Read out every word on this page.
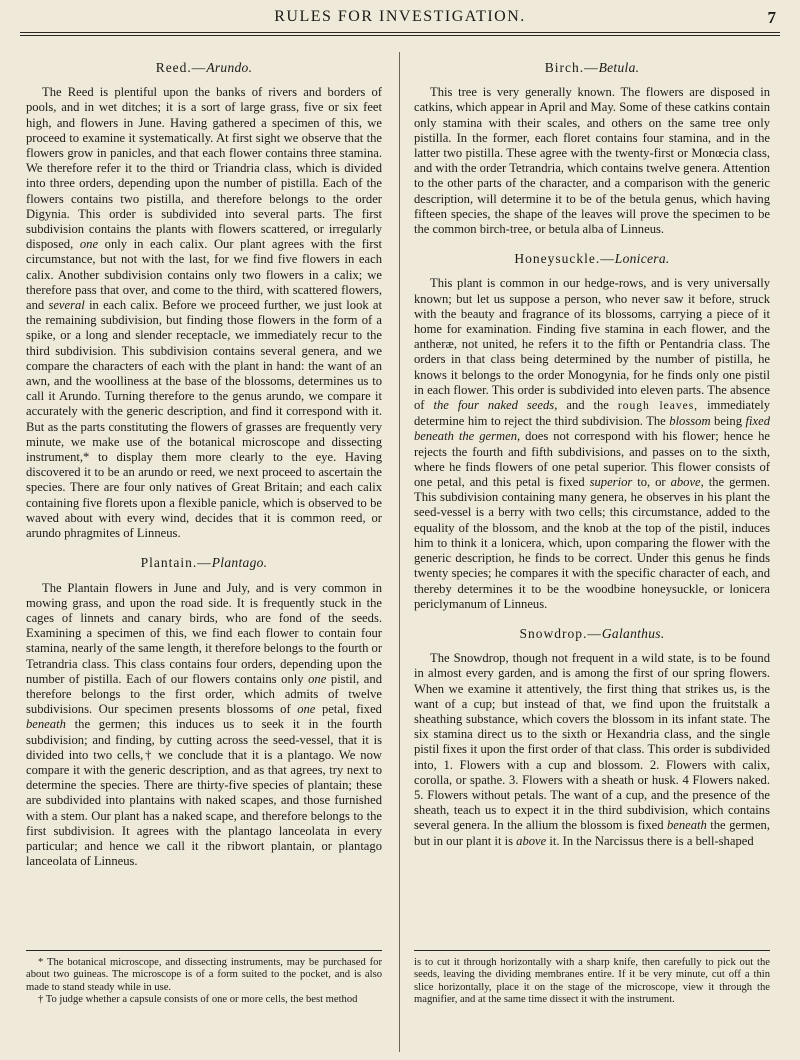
RULES FOR INVESTIGATION.	7
Reed.—Arundo.

The Reed is plentiful upon the banks of rivers and borders of pools, and in wet ditches; it is a sort of large grass, five or six feet high, and flowers in June. Having gathered a specimen of this, we proceed to examine it systematically. At first sight we observe that the flowers grow in panicles, and that each flower contains three stamina. We therefore refer it to the third or Triandria class, which is divided into three orders, depending upon the number of pistilla. Each of the flowers contains two pistilla, and therefore belongs to the order Digynia. This order is subdivided into several parts. The first subdivision contains the plants with flowers scattered, or irregularly disposed, one only in each calix. Our plant agrees with the first circumstance, but not with the last, for we find five flowers in each calix. Another subdivision contains only two flowers in a calix; we therefore pass that over, and come to the third, with scattered flowers, and several in each calix. Before we proceed further, we just look at the remaining subdivision, but finding those flowers in the form of a spike, or a long and slender receptacle, we immediately recur to the third subdivision. This subdivision contains several genera, and we compare the characters of each with the plant in hand: the want of an awn, and the woolliness at the base of the blossoms, determines us to call it Arundo. Turning therefore to the genus arundo, we compare it accurately with the generic description, and find it correspond with it. But as the parts constituting the flowers of grasses are frequently very minute, we make use of the botanical microscope and dissecting instrument,* to display them more clearly to the eye. Having discovered it to be an arundo or reed, we next proceed to ascertain the species. There are four only natives of Great Britain; and each calix containing five florets upon a flexible panicle, which is observed to be waved about with every wind, decides that it is common reed, or arundo phragmites of Linneus.

Plantain.—Plantago.

The Plantain flowers in June and July, and is very common in mowing grass, and upon the road side. It is frequently stuck in the cages of linnets and canary birds, who are fond of the seeds. Examining a specimen of this, we find each flower to contain four stamina, nearly of the same length, it therefore belongs to the fourth or Tetrandria class. This class contains four orders, depending upon the number of pistilla. Each of our flowers contains only one pistil, and therefore belongs to the first order, which admits of twelve subdivisions. Our specimen presents blossoms of one petal, fixed beneath the germen; this induces us to seek it in the fourth subdivision; and finding, by cutting across the seed-vessel, that it is divided into two cells,† we conclude that it is a plantago. We now compare it with the generic description, and as that agrees, try next to determine the species. There are thirty-five species of plantain; these are subdivided into plantains with naked scapes, and those furnished with a stem. Our plant has a naked scape, and therefore belongs to the first subdivision. It agrees with the plantago lanceolata in every particular; and hence we call it the ribwort plantain, or plantago lanceolata of Linneus.

Birch.—Betula.

This tree is very generally known. The flowers are disposed in catkins, which appear in April and May. Some of these catkins contain only stamina with their scales, and others on the same tree only pistilla. In the former, each floret contains four stamina, and in the latter two pistilla. These agree with the twenty-first or Monœcia class, and with the order Tetrandria, which contains twelve genera. Attention to the other parts of the character, and a comparison with the generic description, will determine it to be of the betula genus, which having fifteen species, the shape of the leaves will prove the specimen to be the common birch-tree, or betula alba of Linneus.

Honeysuckle.—Lonicera.

This plant is common in our hedge-rows, and is very universally known; but let us suppose a person, who never saw it before, struck with the beauty and fragrance of its blossoms, carrying a piece of it home for examination. Finding five stamina in each flower, and the antheræ, not united, he refers it to the fifth or Pentandria class. The orders in that class being determined by the number of pistilla, he knows it belongs to the order Monogynia, for he finds only one pistil in each flower. This order is subdivided into eleven parts. The absence of the four naked seeds, and the rough leaves, immediately determine him to reject the third subdivision. The blossom being fixed beneath the germen, does not correspond with his flower; hence he rejects the fourth and fifth subdivisions, and passes on to the sixth, where he finds flowers of one petal superior. This flower consists of one petal, and this petal is fixed superior to, or above, the germen. This subdivision containing many genera, he observes in his plant the seed-vessel is a berry with two cells; this circumstance, added to the equality of the blossom, and the knob at the top of the pistil, induces him to think it a lonicera, which, upon comparing the flower with the generic description, he finds to be correct. Under this genus he finds twenty species; he compares it with the specific character of each, and thereby determines it to be the woodbine honeysuckle, or lonicera periclymanum of Linneus.

Snowdrop.—Galanthus.

The Snowdrop, though not frequent in a wild state, is to be found in almost every garden, and is among the first of our spring flowers. When we examine it attentively, the first thing that strikes us, is the want of a cup; but instead of that, we find upon the fruitstalk a sheathing substance, which covers the blossom in its infant state. The six stamina direct us to the sixth or Hexandria class, and the single pistil fixes it upon the first order of that class. This order is subdivided into, 1. Flowers with a cup and blossom. 2. Flowers with calix, corolla, or spathe. 3. Flowers with a sheath or husk. 4 Flowers naked. 5. Flowers without petals. The want of a cup, and the presence of the sheath, teach us to expect it in the third subdivision, which contains several genera. In the allium the blossom is fixed beneath the germen, but in our plant it is above it. In the Narcissus there is a bell-shaped

* The botanical microscope, and dissecting instruments, may be purchased for about two guineas. The microscope is of a form suited to the pocket, and is also made to stand steady while in use.

† To judge whether a capsule consists of one or more cells, the best method

is to cut it through horizontally with a sharp knife, then carefully to pick out the seeds, leaving the dividing membranes entire. If it be very minute, cut off a thin slice horizontally, place it on the stage of the microscope, view it through the magnifier, and at the same time dissect it with the instrument.
